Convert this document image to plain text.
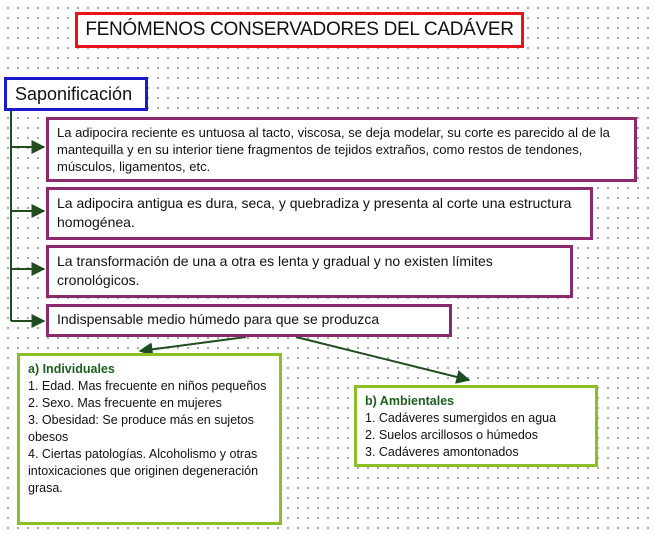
FENÓMENOS CONSERVADORES DEL CADÁVER
Saponificación
La adipocira reciente es untuosa al tacto, viscosa, se deja modelar, su corte es parecido al de la mantequilla y en su interior tiene fragmentos de tejidos extraños, como restos de tendones, músculos, ligamentos, etc.
La adipocira antigua es dura, seca, y quebradiza y presenta al corte una estructura homogénea.
La transformación de una a otra es lenta y gradual y no existen límites cronológicos.
Indispensable medio húmedo para que se produzca
a) Individuales
1. Edad. Mas frecuente en niños pequeños
2. Sexo. Mas frecuente en mujeres
3. Obesidad: Se produce más en sujetos obesos
4. Ciertas patologías. Alcoholismo y otras intoxicaciones que originen degeneración grasa.
b) Ambientales
1. Cadáveres sumergidos en agua
2. Suelos arcillosos o húmedos
3. Cadáveres amontonados
